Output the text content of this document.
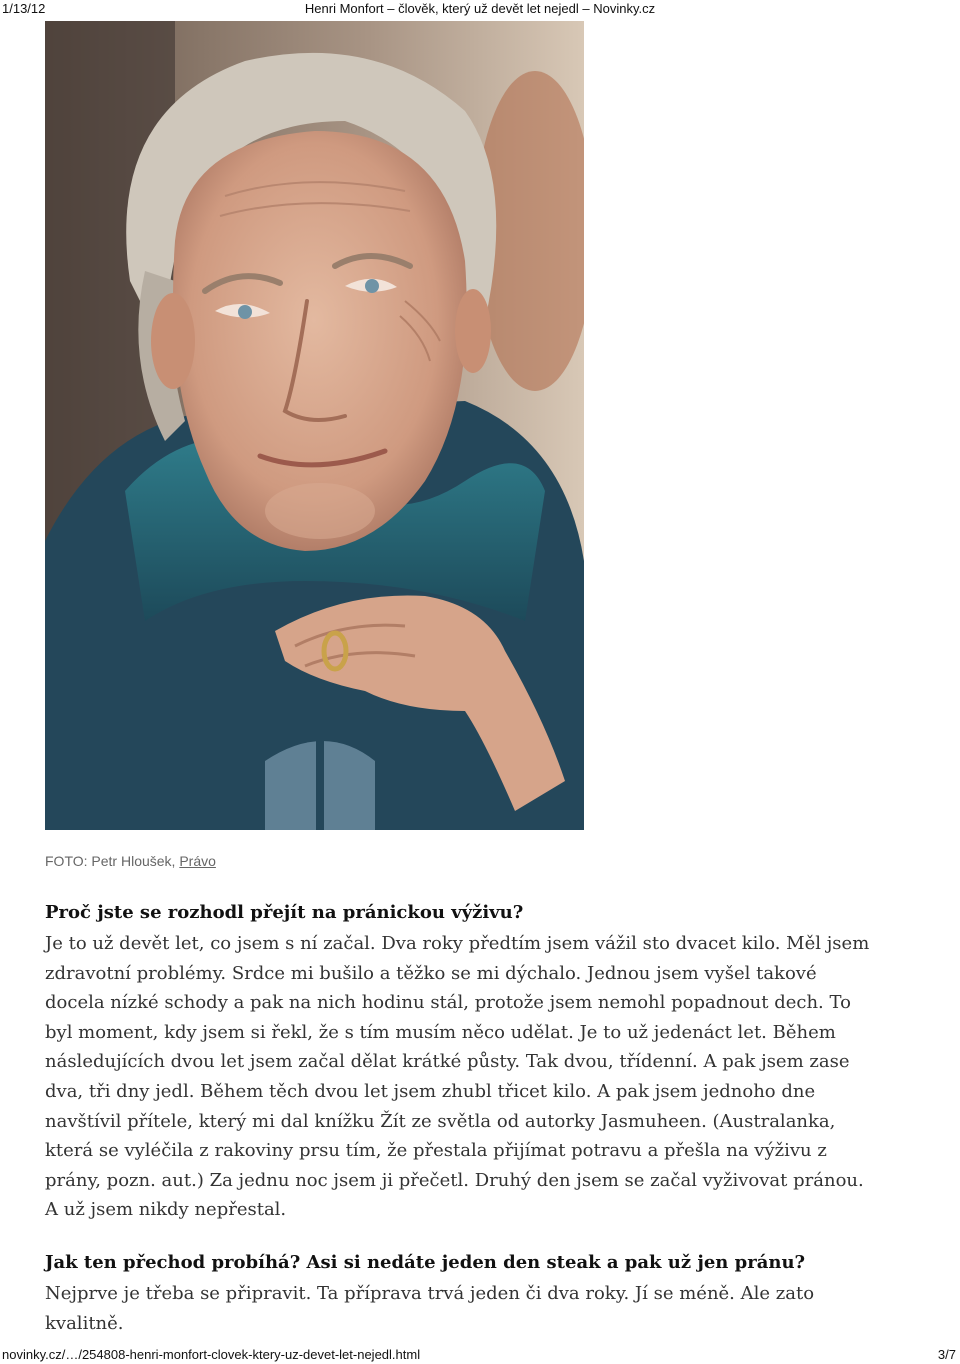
1/13/12	Henri Monfort – člověk, který už devět let nejedl – Novinky.cz
FOTO: Petr Hloušek, Právo

Proč jste se rozhodl přejít na pránickou výživu?

Je to už devět let, co jsem s ní začal. Dva roky předtím jsem vážil sto dvacet kilo. Měl jsem
zdravotní problémy. Srdce mi bušilo a těžko se mi dýchalo. Jednou jsem vyšel takové
docela nízké schody a pak na nich hodinu stál, protože jsem nemohl popadnout dech. To
byl moment, kdy jsem si řekl, že s tím musím něco udělat. Je to už jedenáct let. Během
následujících dvou let jsem začal dělat krátké půsty. Tak dvou, třídenní. A pak jsem zase
dva, tři dny jedl. Během těch dvou let jsem zhubl třicet kilo. A pak jsem jednoho dne
navštívil přítele, který mi dal knížku Žít ze světla od autorky Jasmuheen. (Australanka,
která se vyléčila z rakoviny prsu tím, že přestala přijímat potravu a přešla na výživu z
prány, pozn. aut.) Za jednu noc jsem ji přečetl. Druhý den jsem se začal vyživovat pránou.
A už jsem nikdy nepřestal.

Jak ten přechod probíhá? Asi si nedáte jeden den steak a pak už jen pránu?

Nejprve je třeba se připravit. Ta příprava trvá jeden či dva roky. Jí se méně. Ale zato
kvalitně.

novinky.cz/…/254808-henri-monfort-clovek-ktery-uz-devet-let-nejedl.html	3/7
